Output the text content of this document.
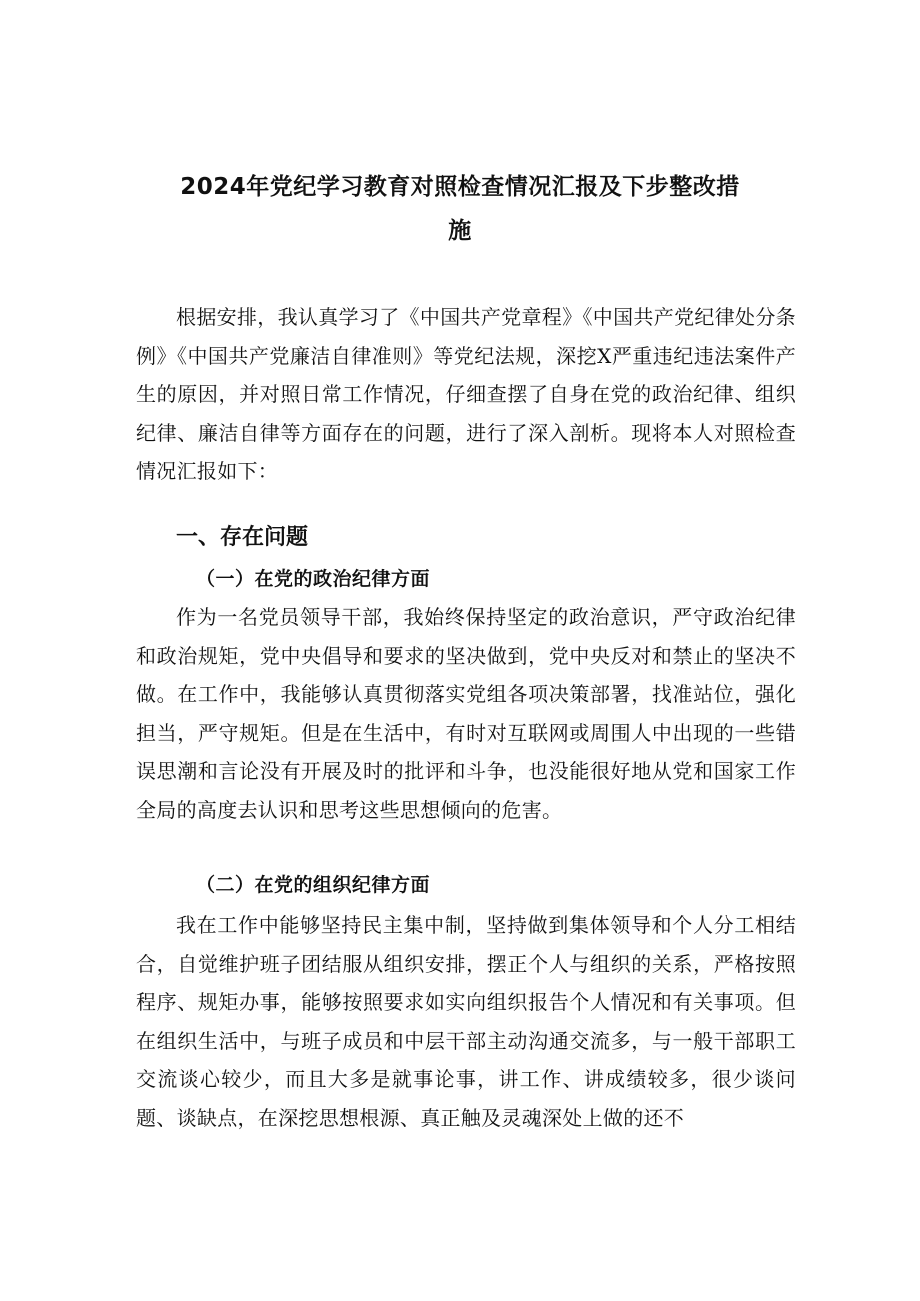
2024年党纪学习教育对照检查情况汇报及下步整改措
施

根据安排，我认真学习了《中国共产党章程》《中国共产党纪律处分条例》《中国共产党廉洁自律准则》等党纪法规，深挖X严重违纪违法案件产生的原因，并对照日常工作情况，仔细查摆了自身在党的政治纪律、组织纪律、廉洁自律等方面存在的问题，进行了深入剖析。现将本人对照检查情况汇报如下：

一、存在问题
（一）在党的政治纪律方面

作为一名党员领导干部，我始终保持坚定的政治意识，严守政治纪律和政治规矩，党中央倡导和要求的坚决做到，党中央反对和禁止的坚决不做。在工作中，我能够认真贯彻落实党组各项决策部署，找准站位，强化担当，严守规矩。但是在生活中，有时对互联网或周围人中出现的一些错误思潮和言论没有开展及时的批评和斗争，也没能很好地从党和国家工作全局的高度去认识和思考这些思想倾向的危害。

（二）在党的组织纪律方面

我在工作中能够坚持民主集中制，坚持做到集体领导和个人分工相结合，自觉维护班子团结服从组织安排，摆正个人与组织的关系，严格按照程序、规矩办事，能够按照要求如实向组织报告个人情况和有关事项。但在组织生活中，与班子成员和中层干部主动沟通交流多，与一般干部职工交流谈心较少，而且大多是就事论事，讲工作、讲成绩较多，很少谈问题、谈缺点，在深挖思想根源、真正触及灵魂深处上做的还不
